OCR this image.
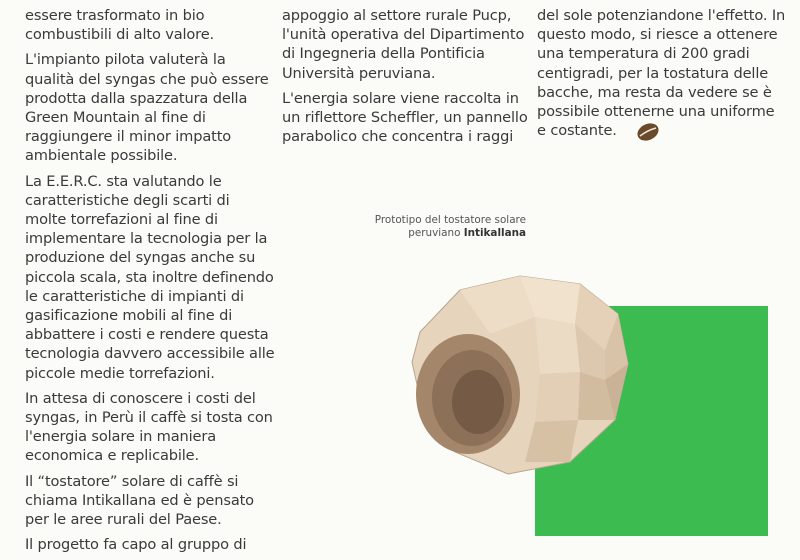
essere trasformato in bio combustibili di alto valore.

L'impianto pilota valuterà la qualità del syngas che può essere prodotta dalla spazzatura della Green Mountain al fine di raggiungere il minor impatto ambientale possibile.

La E.E.R.C. sta valutando le caratteristiche degli scarti di molte torrefazioni al fine di implementare la tecnologia per la produzione del syngas anche su piccola scala, sta inoltre definendo le caratteristiche di impianti di gasificazione mobili al fine di abbattere i costi e rendere questa tecnologia davvero accessibile alle piccole medie torrefazioni.

In attesa di conoscere i costi del syngas, in Perù il caffè si tosta con l'energia solare in maniera economica e replicabile.

Il “tostatore” solare di caffè si chiama Intikallana ed è pensato per le aree rurali del Paese.

Il progetto fa capo al gruppo di

appoggio al settore rurale Pucp, l'unità operativa del Dipartimento di Ingegneria della Pontificia Università peruviana.

L'energia solare viene raccolta in un riflettore Scheffler, un pannello parabolico che concentra i raggi

del sole potenziandone l'effetto. In questo modo, si riesce a ottenere una temperatura di 200 gradi centigradi, per la tostatura delle bacche, ma resta da vedere se è possibile ottenerne una uniforme e costante.

Prototipo del tostatore solare
peruviano Intikallana
